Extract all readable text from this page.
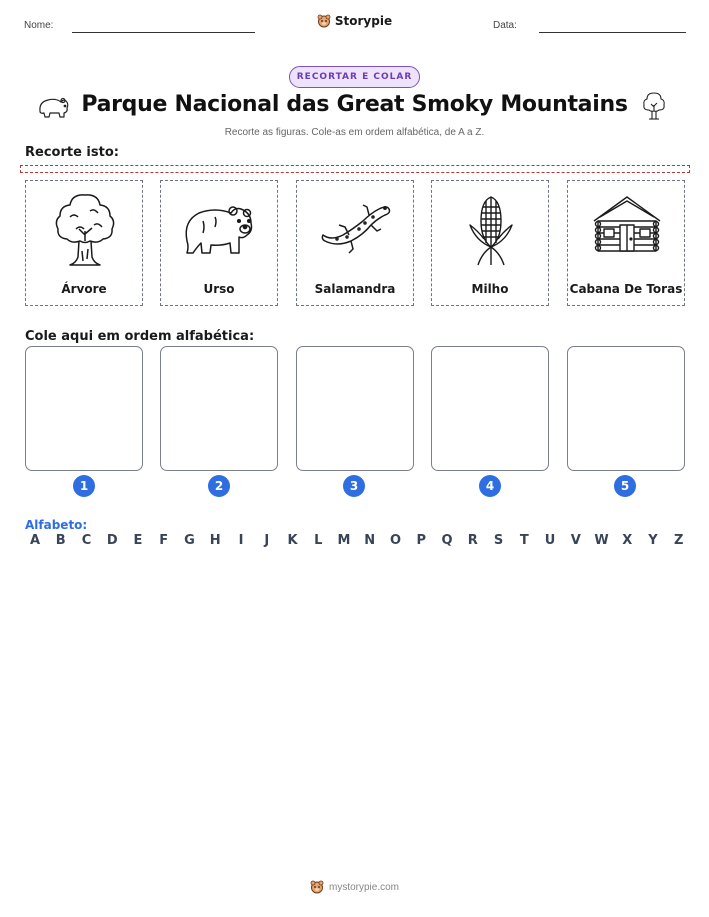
Nome:	Storypie	Data:
RECORTAR E COLAR
Parque Nacional das Great Smoky Mountains
Recorte as figuras. Cole-as em ordem alfabética, de A a Z.
Recorte isto:
Árvore	Urso	Salamandra	Milho	Cabana De Toras
Cole aqui em ordem alfabética:
1	2	3	4	5
Alfabeto:
A B C D E F G H	I	J	K L M N O P Q R S T U V W X Y Z
mystorypie.com
